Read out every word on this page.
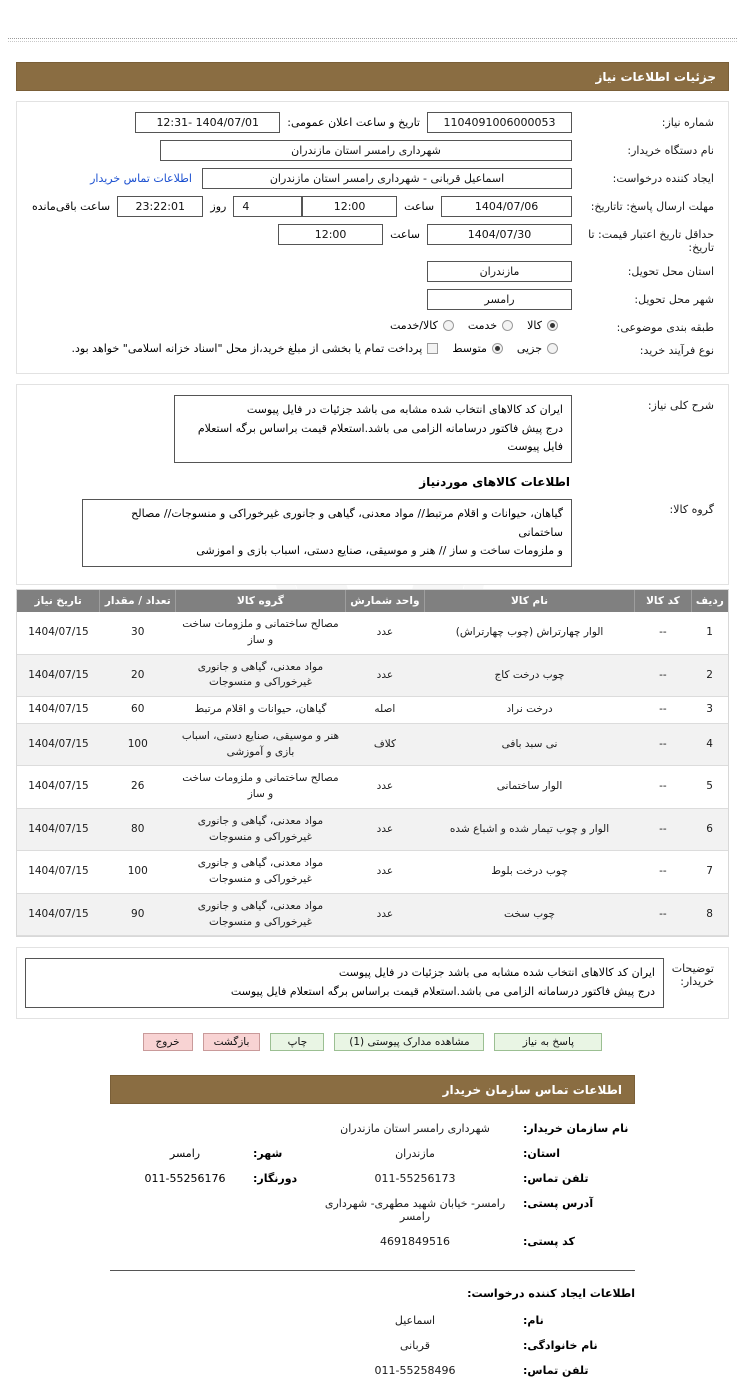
جزئیات اطلاعات نیاز
شماره نیاز:
1104091006000053
تاریخ و ساعت اعلان عمومی:
1404/07/01 -12:31
نام دستگاه خریدار:
شهرداری رامسر استان مازندران
ایجاد کننده درخواست:
اسماعیل قربانی - شهرداری رامسر استان مازندران
اطلاعات تماس خریدار
مهلت ارسال پاسخ: تاتاریخ:
1404/07/06
ساعت
12:00
4
روز
23:22:01
ساعت باقی‌مانده
حداقل تاریخ اعتبار قیمت: تا تاریخ:
1404/07/30
ساعت
12:00
استان محل تحویل:
مازندران
شهر محل تحویل:
رامسر
طبقه بندی موضوعی:
کالا
خدمت
کالا/خدمت
نوع فرآیند خرید:
جزیی
متوسط
پرداخت تمام یا بخشی از مبلغ خرید،از محل "اسناد خزانه اسلامی" خواهد بود.
شرح کلی نیاز:
ایران کد کالاهای انتخاب شده مشابه می باشد جزئیات در فایل پیوست
درج پیش فاکتور درسامانه الزامی می باشد.استعلام قیمت براساس برگه استعلام فایل پیوست
اطلاعات کالاهای موردنیاز
گروه کالا:
گیاهان، حیوانات و اقلام مرتبط// مواد معدنی، گیاهی و جانوری غیرخوراکی و منسوجات// مصالح ساختمانی
و ملزومات ساخت و ساز // هنر و موسیقی، صنایع دستی، اسباب بازی و اموزشی
ردیف	کد کالا	نام کالا	واحد شمارش	گروه کالا	تعداد / مقدار	تاریخ نیاز
1	--	الوار چهارتراش (چوب چهارتراش)	عدد	مصالح ساختمانی و ملزومات ساخت و ساز	30	1404/07/15
2	--	چوب درخت کاج	عدد	مواد معدنی، گیاهی و جانوری غیرخوراکی و منسوجات	20	1404/07/15
3	--	درخت نراد	اصله	گیاهان، حیوانات و اقلام مرتبط	60	1404/07/15
4	--	نی سبد بافی	کلاف	هنر و موسیقی، صنایع دستی، اسباب بازی و آموزشی	100	1404/07/15
5	--	الوار ساختمانی	عدد	مصالح ساختمانی و ملزومات ساخت و ساز	26	1404/07/15
6	--	الوار و چوب تیمار شده و اشباع شده	عدد	مواد معدنی، گیاهی و جانوری غیرخوراکی و منسوجات	80	1404/07/15
7	--	چوب درخت بلوط	عدد	مواد معدنی، گیاهی و جانوری غیرخوراکی و منسوجات	100	1404/07/15
8	--	چوب سخت	عدد	مواد معدنی، گیاهی و جانوری غیرخوراکی و منسوجات	90	1404/07/15
توضیحات
خریدار:
ایران کد کالاهای انتخاب شده مشابه می باشد جزئیات در فایل پیوست
درج پیش فاکتور درسامانه الزامی می باشد.استعلام قیمت براساس برگه استعلام فایل پیوست
پاسخ به نیاز
مشاهده مدارک پیوستی (1)
چاپ
بازگشت
خروج
اطلاعات تماس سازمان خریدار
نام سازمان خریدار:
شهرداری رامسر استان مازندران
استان:
مازندران
شهر:
رامسر
تلفن تماس:
011-55256173
دورنگار:
011-55256176
آدرس پستی:
رامسر- خیابان شهید مطهری- شهرداری رامسر
کد پستی:
4691849516
اطلاعات ایجاد کننده درخواست:
نام:
اسماعیل
نام خانوادگی:
قربانی
تلفن تماس:
011-55258496
